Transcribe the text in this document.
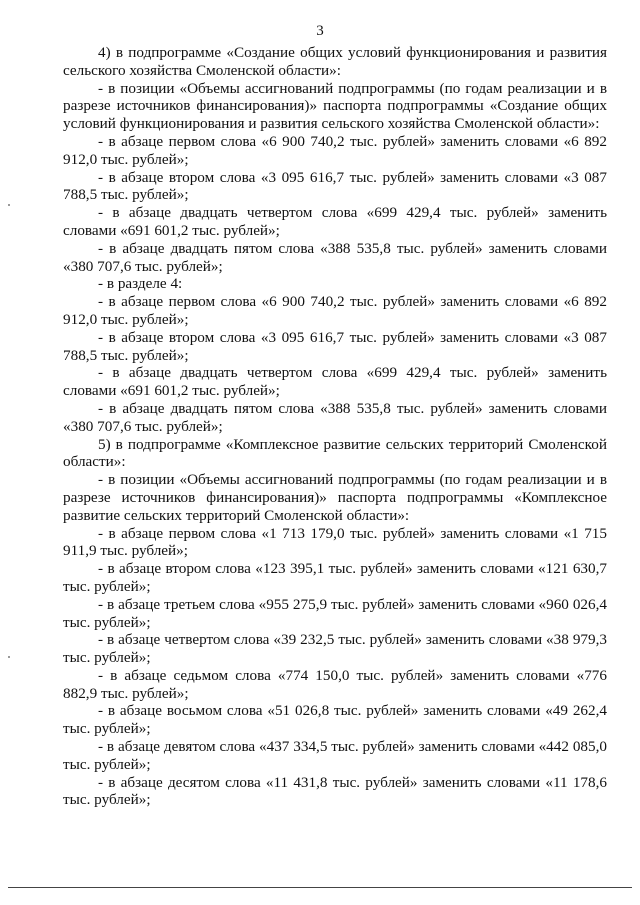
3

4) в подпрограмме «Создание общих условий функционирования и развития сельского хозяйства Смоленской области»:

- в позиции «Объемы ассигнований подпрограммы (по годам реализации и в разрезе источников финансирования)» паспорта подпрограммы «Создание общих условий функционирования и развития сельского хозяйства Смоленской области»:

- в абзаце первом слова «6 900 740,2 тыс. рублей» заменить словами «6 892 912,0 тыс. рублей»;

- в абзаце втором слова «3 095 616,7 тыс. рублей» заменить словами «3 087 788,5 тыс. рублей»;

- в абзаце двадцать четвертом слова «699 429,4 тыс. рублей» заменить словами «691 601,2 тыс. рублей»;

- в абзаце двадцать пятом слова «388 535,8 тыс. рублей» заменить словами «380 707,6 тыс. рублей»;

- в разделе 4:

- в абзаце первом слова «6 900 740,2 тыс. рублей» заменить словами «6 892 912,0 тыс. рублей»;

- в абзаце втором слова «3 095 616,7 тыс. рублей» заменить словами «3 087 788,5 тыс. рублей»;

- в абзаце двадцать четвертом слова «699 429,4 тыс. рублей» заменить словами «691 601,2 тыс. рублей»;

- в абзаце двадцать пятом слова «388 535,8 тыс. рублей» заменить словами «380 707,6 тыс. рублей»;

5) в подпрограмме «Комплексное развитие сельских территорий Смоленской области»:

- в позиции «Объемы ассигнований подпрограммы (по годам реализации и в разрезе источников финансирования)» паспорта подпрограммы «Комплексное развитие сельских территорий Смоленской области»:

- в абзаце первом слова «1 713 179,0 тыс. рублей» заменить словами «1 715 911,9 тыс. рублей»;

- в абзаце втором слова «123 395,1 тыс. рублей» заменить словами «121 630,7 тыс. рублей»;

- в абзаце третьем слова «955 275,9 тыс. рублей» заменить словами «960 026,4 тыс. рублей»;

- в абзаце четвертом слова «39 232,5 тыс. рублей» заменить словами «38 979,3 тыс. рублей»;

- в абзаце седьмом слова «774 150,0 тыс. рублей» заменить словами «776 882,9 тыс. рублей»;

- в абзаце восьмом слова «51 026,8 тыс. рублей» заменить словами «49 262,4 тыс. рублей»;

- в абзаце девятом слова «437 334,5 тыс. рублей» заменить словами «442 085,0 тыс. рублей»;

- в абзаце десятом слова «11 431,8 тыс. рублей» заменить словами «11 178,6 тыс. рублей»;
